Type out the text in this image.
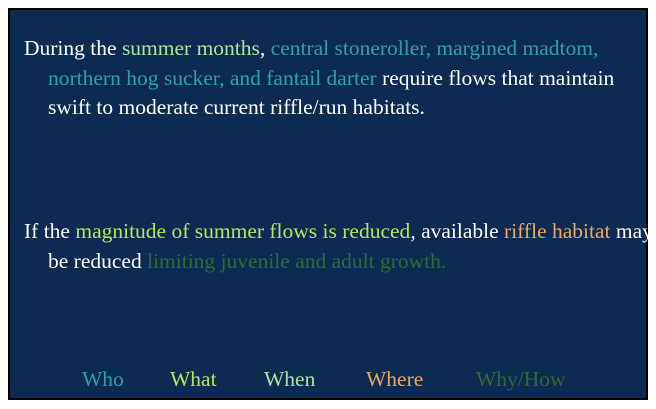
During the summer months, central stoneroller, margined madtom, northern hog sucker, and fantail darter require flows that maintain swift to moderate current riffle/run habitats.

If the magnitude of summer flows is reduced, available riffle habitat may be reduced limiting juvenile and adult growth.

Who What When Where Why/How
